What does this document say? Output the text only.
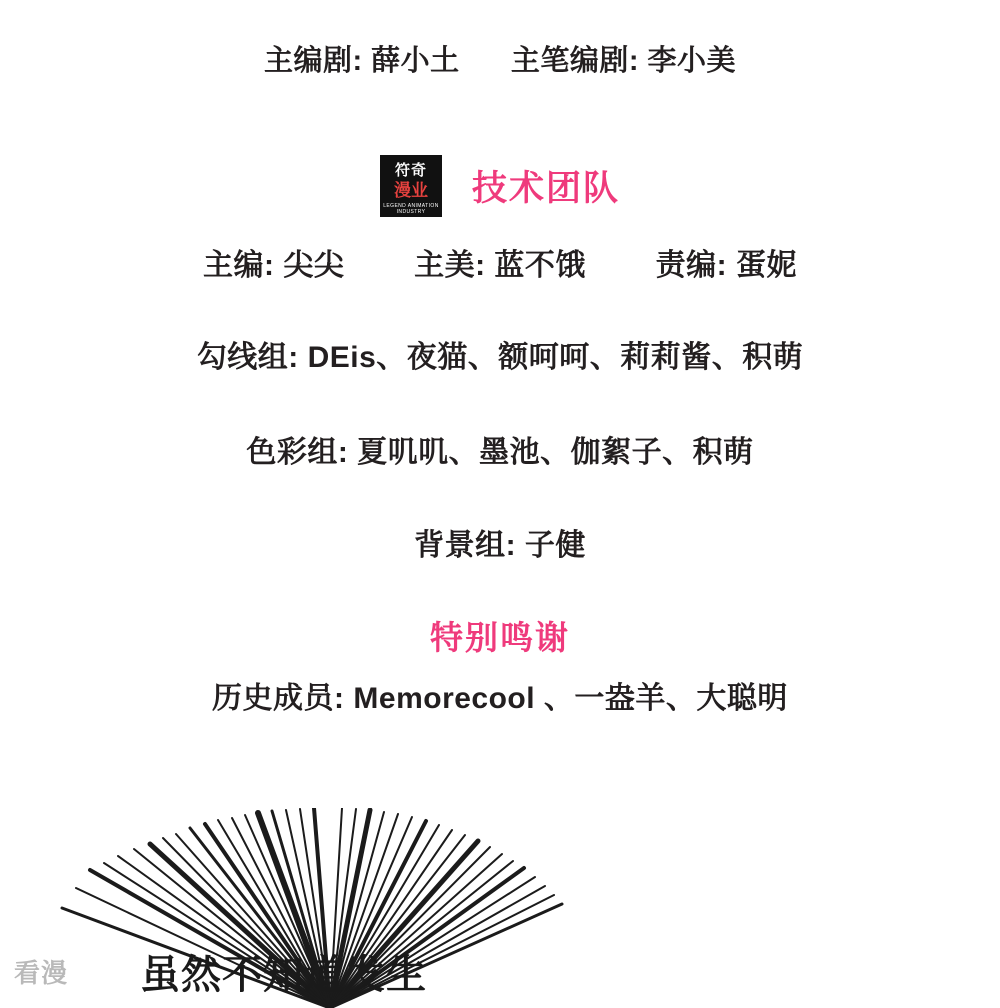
主编剧: 薛小土 主笔编剧: 李小美
符奇
漫业
LEGEND ANIMATION INDUSTRY
技术团队
主编: 尖尖 主美: 蓝不饿 责编: 蛋妮
勾线组: DEis、夜猫、额呵呵、莉莉酱、积萌
色彩组: 夏叽叽、墨池、伽絮子、积萌
背景组: 子健
特别鸣谢
历史成员: Memorecool 、一盎羊、大聪明
虽然不知道发生
看漫
